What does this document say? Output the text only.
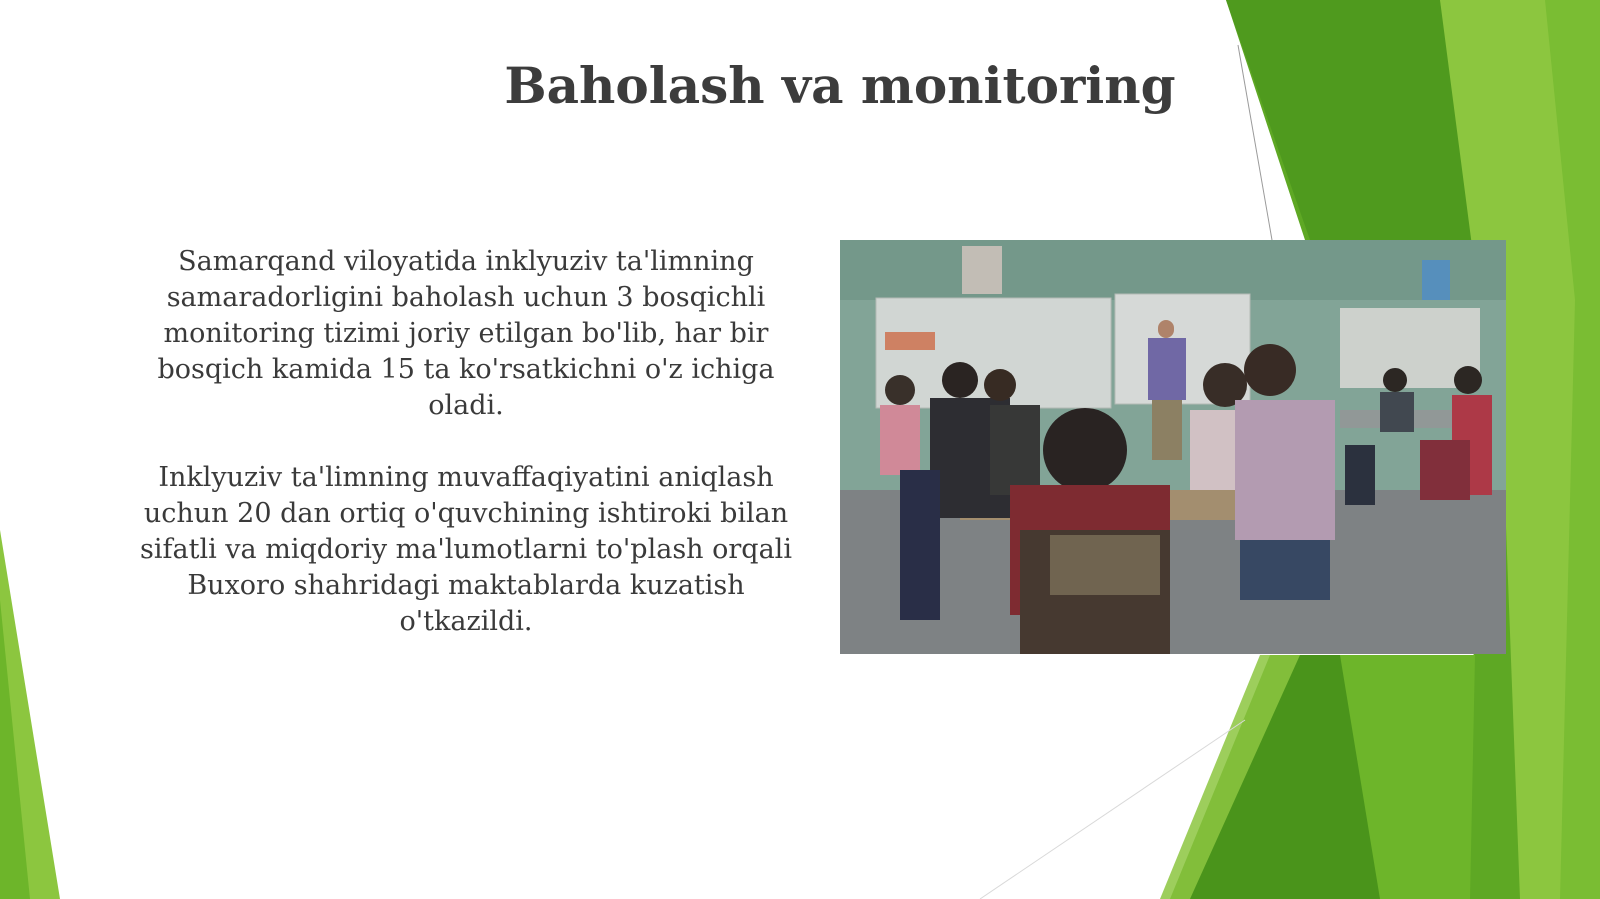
Baholash va monitoring

Samarqand viloyatida inklyuziv ta'limning samaradorligini baholash uchun 3 bosqichli monitoring tizimi joriy etilgan bo'lib, har bir bosqich kamida 15 ta ko'rsatkichni o'z ichiga oladi.

Inklyuziv ta'limning muvaffaqiyatini aniqlash uchun 20 dan ortiq o'quvchining ishtiroki bilan sifatli va miqdoriy ma'lumotlarni to'plash orqali Buxoro shahridagi maktablarda kuzatish o'tkazildi.
